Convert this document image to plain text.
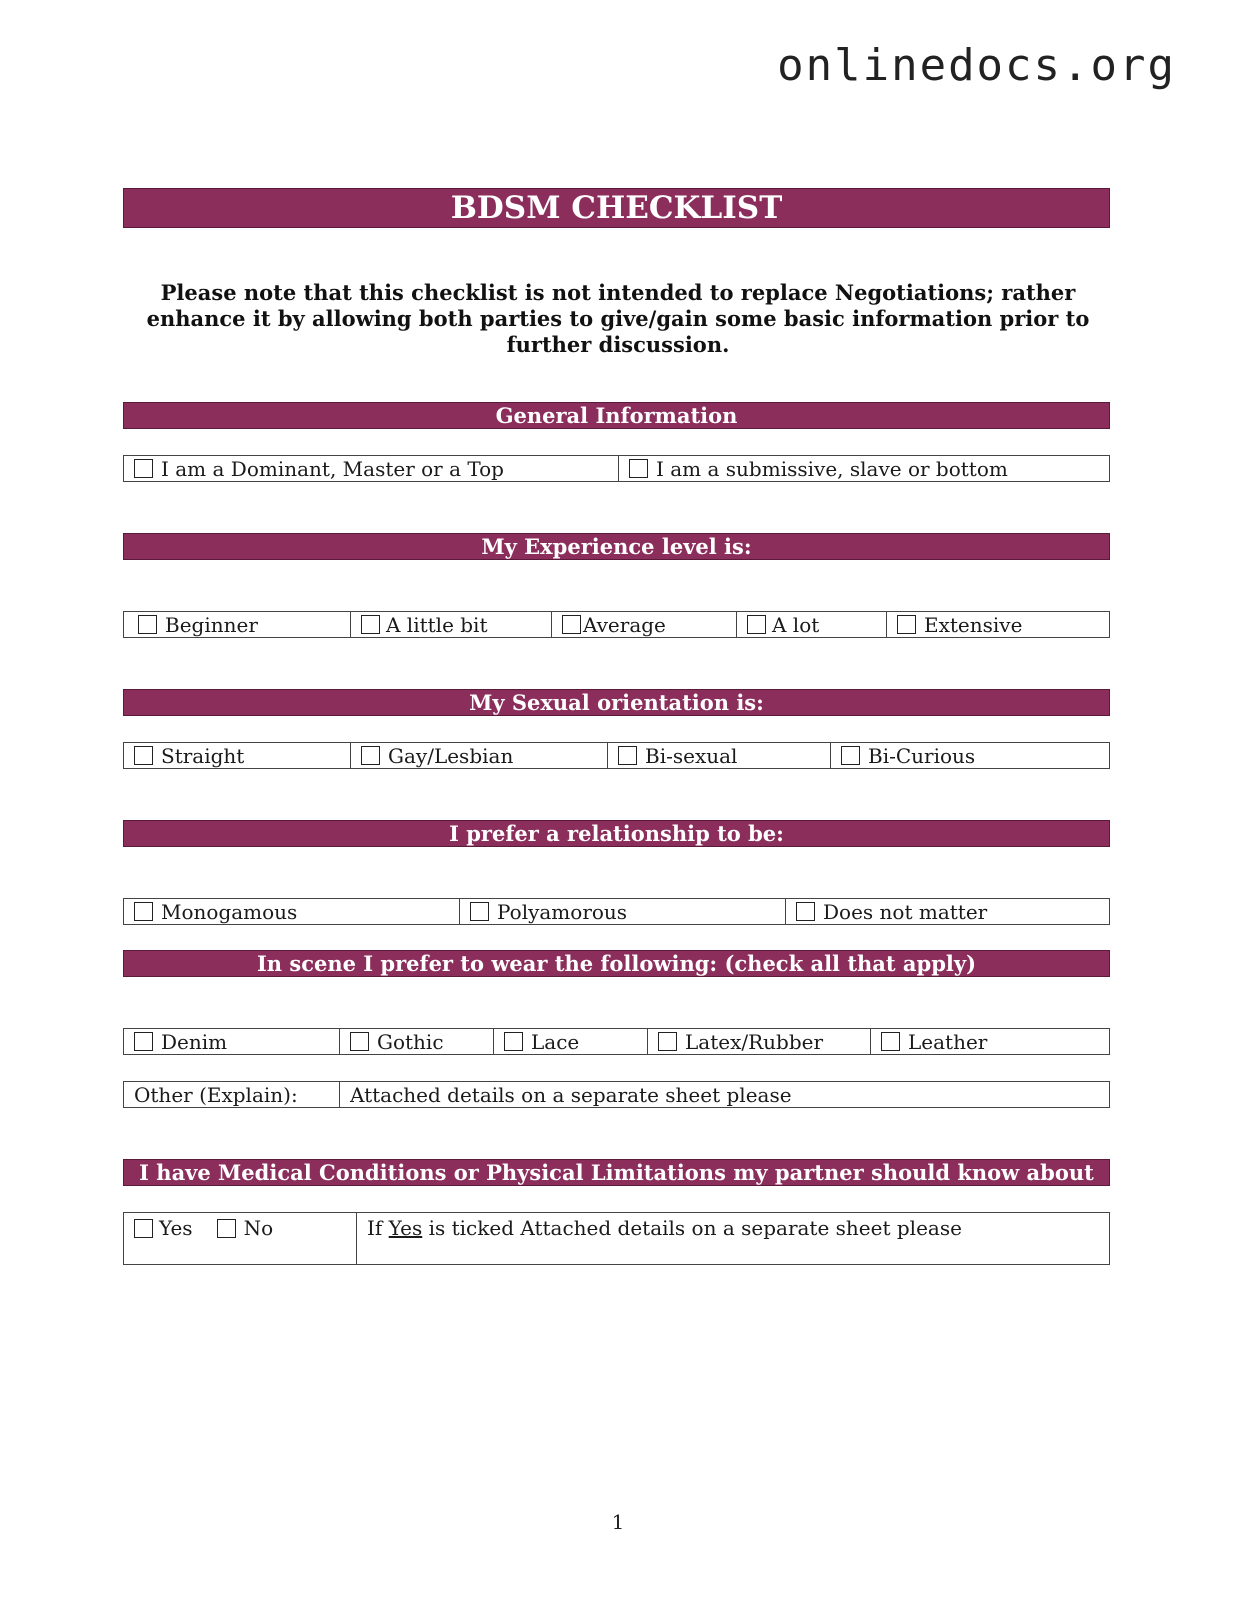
onlinedocs.org
BDSM CHECKLIST
Please note that this checklist is not intended to replace Negotiations; rather enhance it by allowing both parties to give/gain some basic information prior to further discussion.
General Information
I am a Dominant, Master or a Top	I am a submissive, slave or bottom
My Experience level is:
Beginner	A little bit	Average	A lot	Extensive
My Sexual orientation is:
Straight	Gay/Lesbian	Bi-sexual	Bi-Curious
I prefer a relationship to be:
Monogamous	Polyamorous	Does not matter
In scene I prefer to wear the following: (check all that apply)
Denim	Gothic	Lace	Latex/Rubber	Leather
Other (Explain):	Attached details on a separate sheet please
I have Medical Conditions or Physical Limitations my partner should know about
Yes	No	If Yes is ticked Attached details on a separate sheet please
1
